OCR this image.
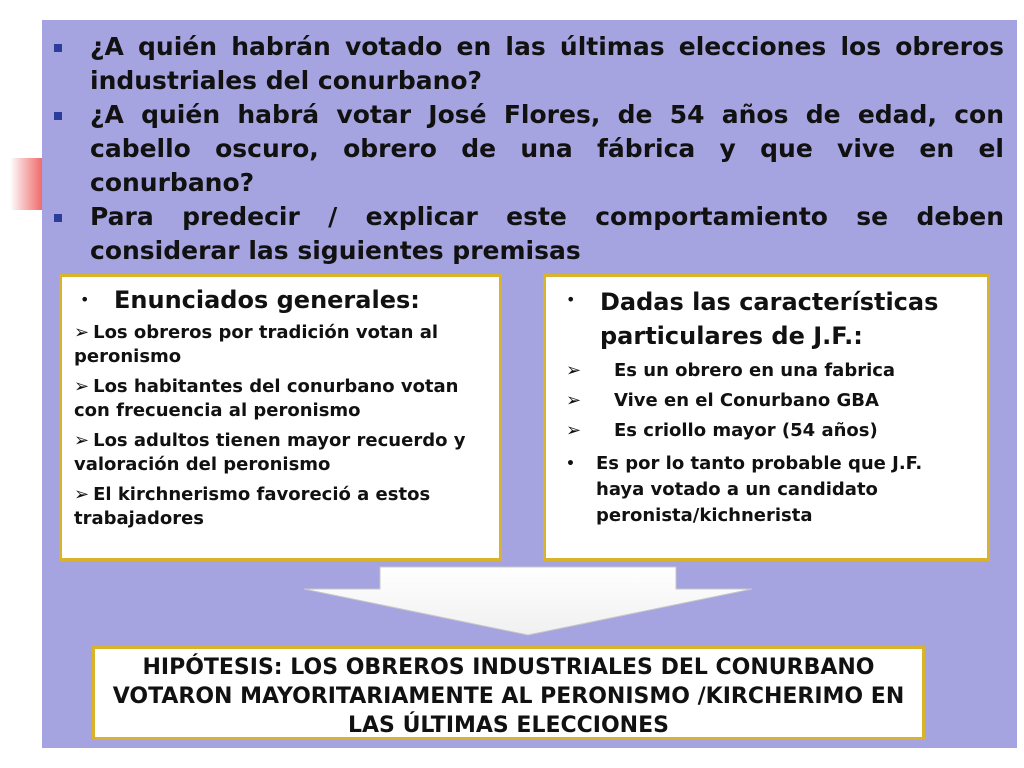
¿A quién habrán votado en las últimas elecciones los obreros industriales del conurbano?
¿A quién habrá votar José Flores, de 54 años de edad, con cabello oscuro, obrero de una fábrica y que vive en el conurbano?
Para predecir / explicar este comportamiento se deben considerar las siguientes premisas
•	Enunciados generales:
➢ Los obreros por tradición votan al peronismo
➢ Los habitantes del conurbano votan con frecuencia al peronismo
➢ Los adultos tienen mayor recuerdo y valoración del peronismo
➢ El kirchnerismo favoreció a estos trabajadores
•	Dadas las características particulares de J.F.:
➢	Es un obrero en una fabrica
➢	Vive en el Conurbano GBA
➢	Es criollo mayor (54 años)
•	Es por lo tanto probable que J.F. haya votado a un candidato peronista/kichnerista
HIPÓTESIS: LOS OBREROS INDUSTRIALES DEL CONURBANO VOTARON MAYORITARIAMENTE AL PERONISMO /KIRCHERIMO EN LAS ÚLTIMAS ELECCIONES
